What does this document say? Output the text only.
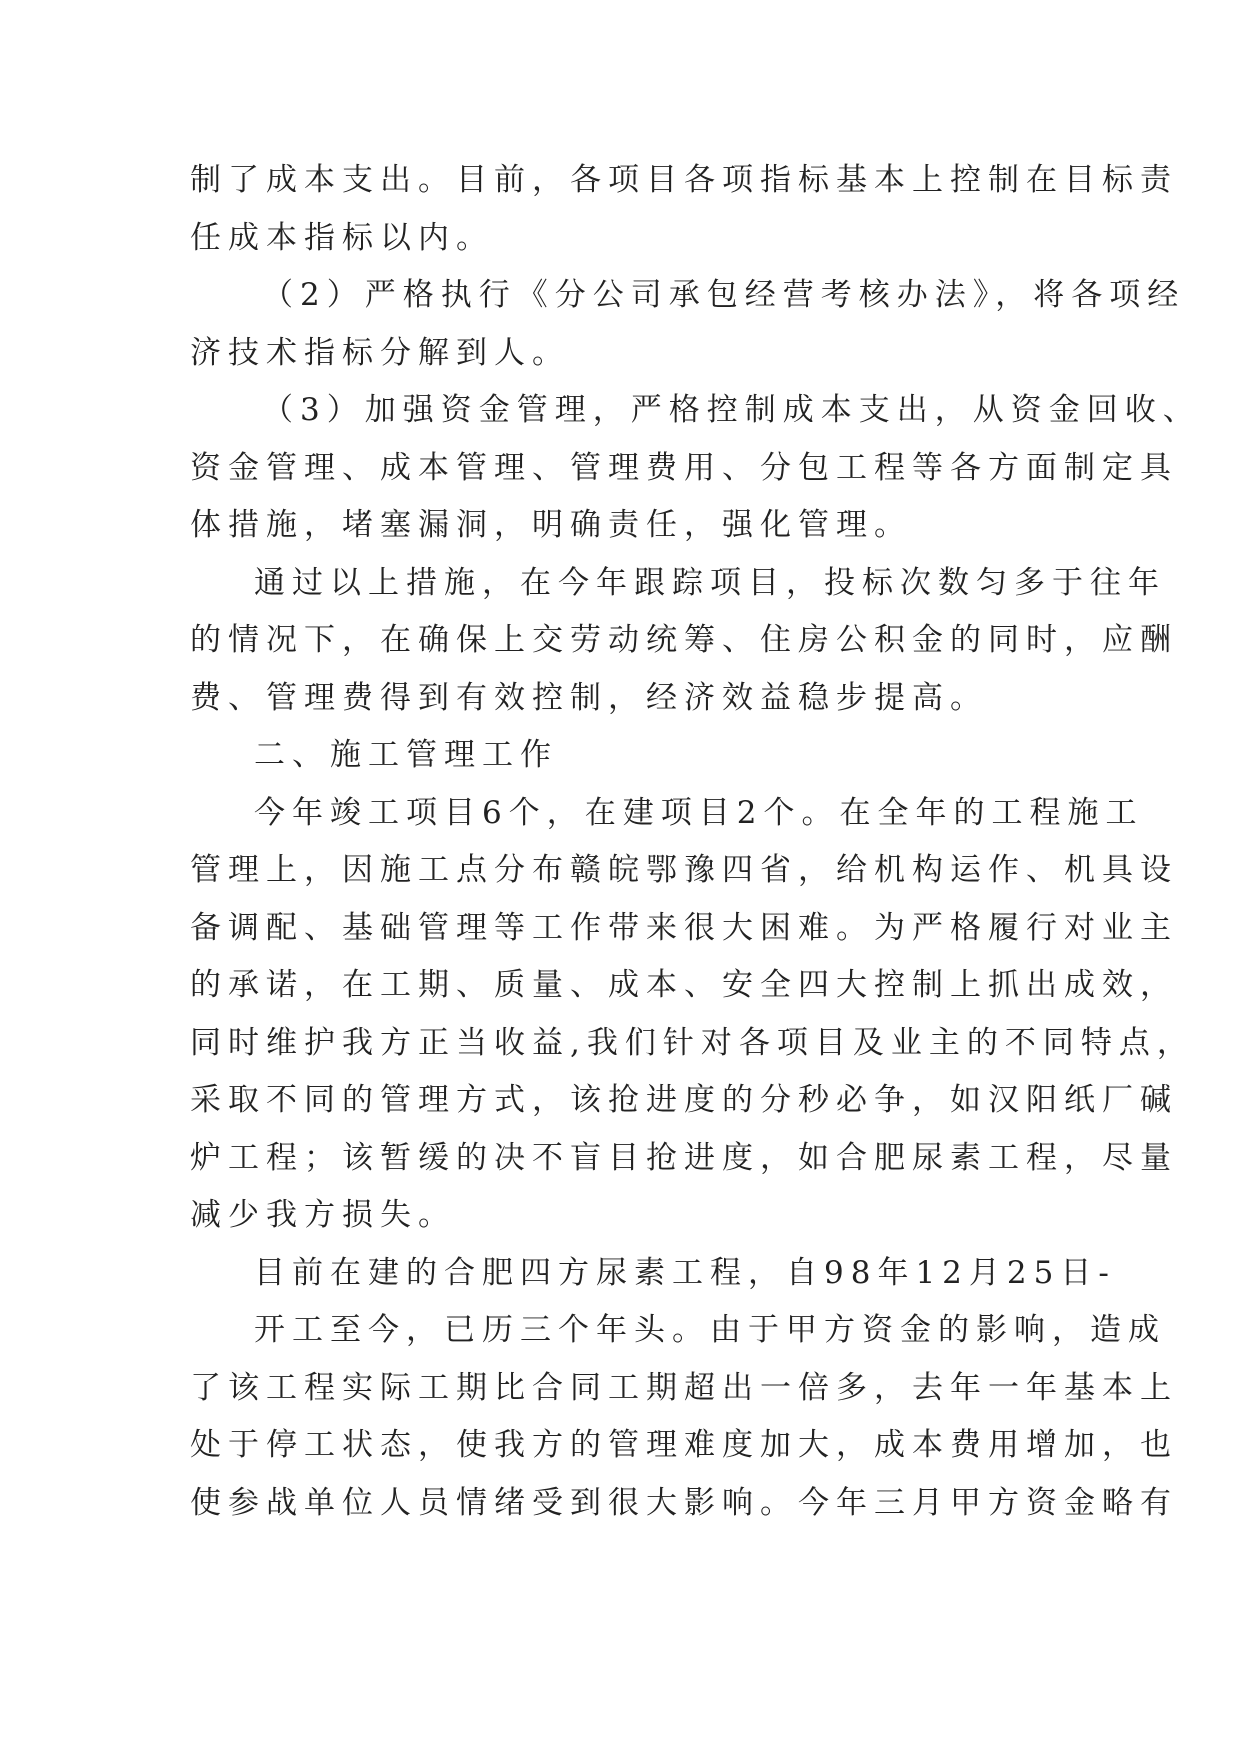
制了成本支出。目前，各项目各项指标基本上控制在目标责
任成本指标以内。
（2）严格执行《分公司承包经营考核办法》，将各项经
济技术指标分解到人。
（3）加强资金管理，严格控制成本支出，从资金回收、
资金管理、成本管理、管理费用、分包工程等各方面制定具
体措施，堵塞漏洞，明确责任，强化管理。
通过以上措施，在今年跟踪项目，投标次数匀多于往年
的情况下，在确保上交劳动统筹、住房公积金的同时，应酬
费、管理费得到有效控制，经济效益稳步提高。
二、施工管理工作
今年竣工项目6个，在建项目2个。在全年的工程施工
管理上，因施工点分布赣皖鄂豫四省，给机构运作、机具设
备调配、基础管理等工作带来很大困难。为严格履行对业主
的承诺，在工期、质量、成本、安全四大控制上抓出成效，
同时维护我方正当收益,我们针对各项目及业主的不同特点，
采取不同的管理方式，该抢进度的分秒必争，如汉阳纸厂碱
炉工程；该暂缓的决不盲目抢进度，如合肥尿素工程，尽量
减少我方损失。
目前在建的合肥四方尿素工程，自98年12月25日-
开工至今，已历三个年头。由于甲方资金的影响，造成
了该工程实际工期比合同工期超出一倍多，去年一年基本上
处于停工状态，使我方的管理难度加大，成本费用增加，也
使参战单位人员情绪受到很大影响。今年三月甲方资金略有
